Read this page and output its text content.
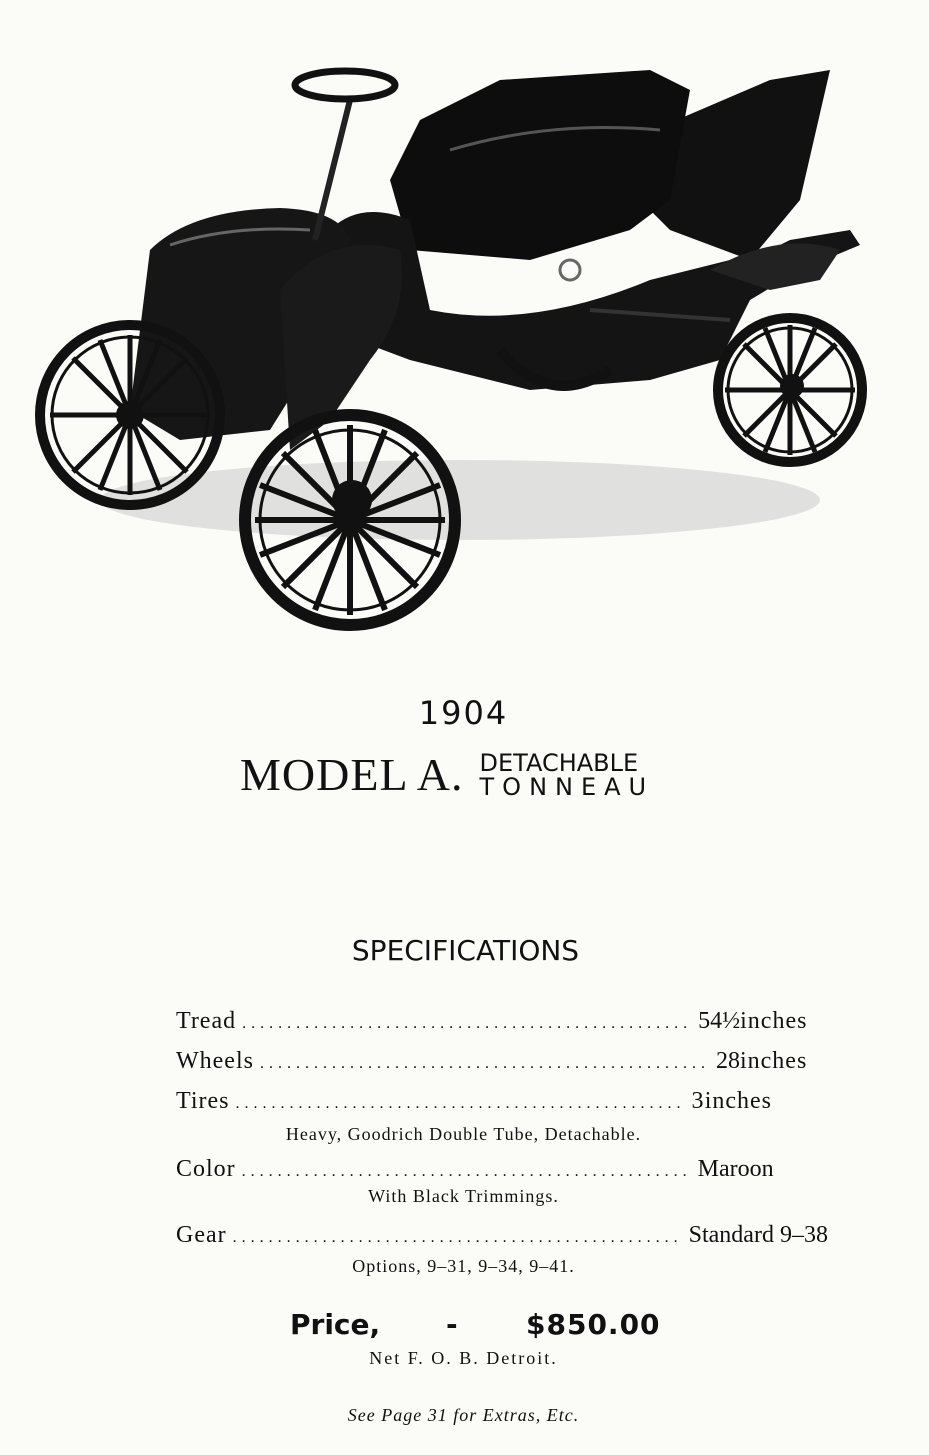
1904
MODEL A. DETACHABLE
TONNEAU
SPECIFICATIONS
Tread .................................................. 54½ inches
Wheels .................................................. 28 inches
Tires .................................................. 3 inches
Heavy, Goodrich Double Tube, Detachable.
Color .................................................. Maroon
With Black Trimmings.
Gear .................................................. Standard 9–38
Options, 9–31, 9–34, 9–41.
Price,	-	$850.00
Net F. O. B. Detroit.
See Page 31 for Extras, Etc.
